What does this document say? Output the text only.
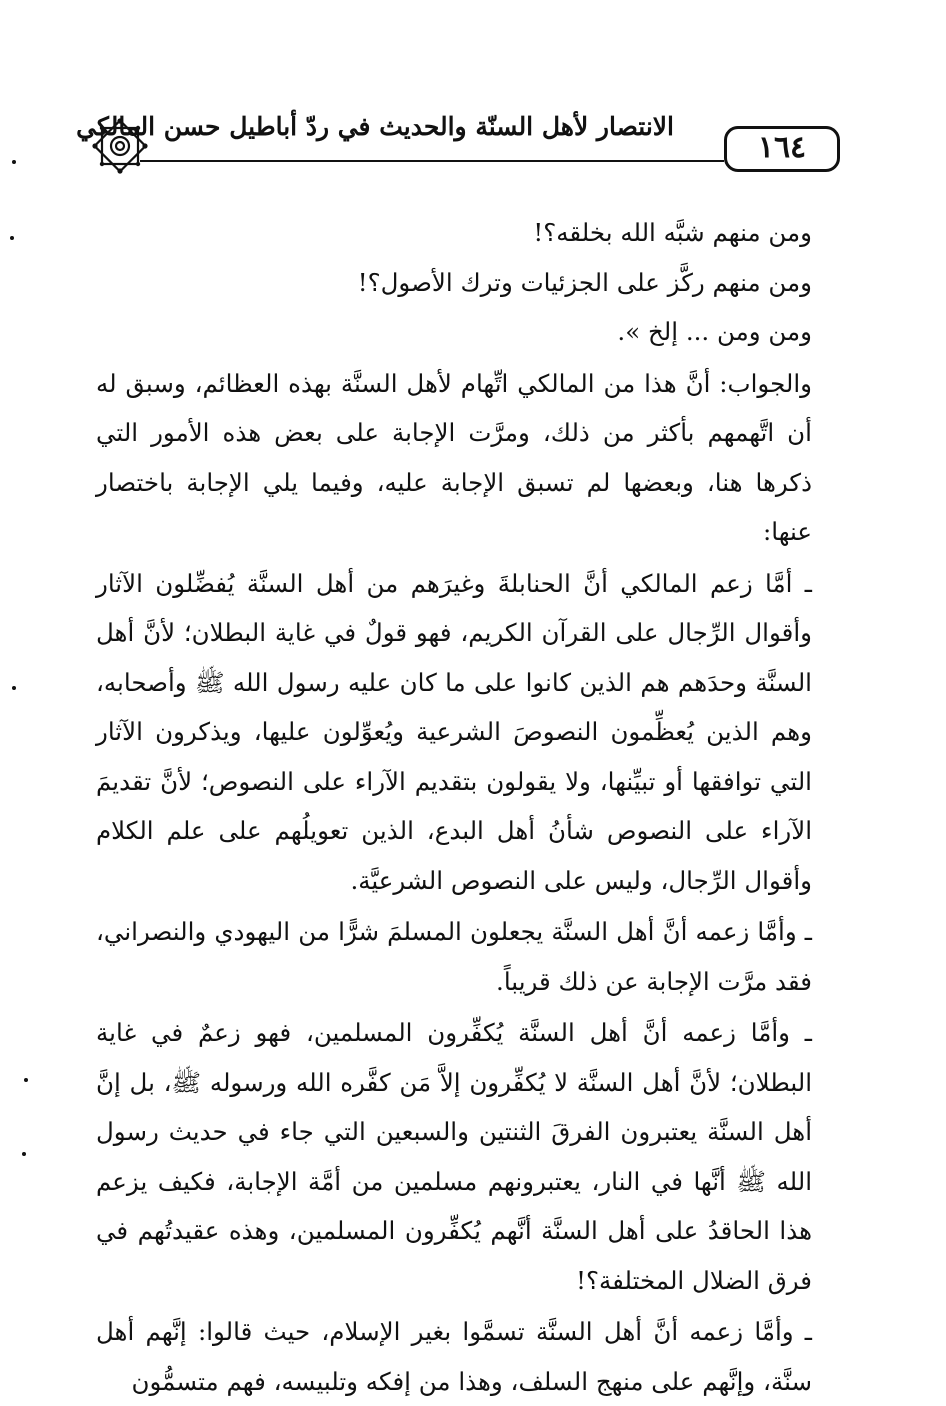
الانتصار لأهل السنّة والحديث في ردّ أباطيل حسن المالكي
١٦٤

ومن منهم شبَّه الله بخلقه؟!

ومن منهم ركَّز على الجزئيات وترك الأصول؟!

ومن ومن ... إلخ ».

والجواب: أنَّ هذا من المالكي اتِّهام لأهل السنَّة بهذه العظائم، وسبق له أن اتَّهمهم بأكثر من ذلك، ومرَّت الإجابة على بعض هذه الأمور التي ذكرها هنا، وبعضها لم تسبق الإجابة عليه، وفيما يلي الإجابة باختصار عنها:

ـ أمَّا زعم المالكي أنَّ الحنابلةَ وغيرَهم من أهل السنَّة يُفضِّلون الآثار وأقوال الرِّجال على القرآن الكريم، فهو قولٌ في غاية البطلان؛ لأنَّ أهل السنَّة وحدَهم هم الذين كانوا على ما كان عليه رسول الله ﷺ وأصحابه، وهم الذين يُعظِّمون النصوصَ الشرعية ويُعوِّلون عليها، ويذكرون الآثار التي توافقها أو تبيِّنها، ولا يقولون بتقديم الآراء على النصوص؛ لأنَّ تقديمَ الآراء على النصوص شأنُ أهل البدع، الذين تعويلُهم على علم الكلام وأقوال الرِّجال، وليس على النصوص الشرعيَّة.

ـ وأمَّا زعمه أنَّ أهل السنَّة يجعلون المسلمَ شرًّا من اليهودي والنصراني، فقد مرَّت الإجابة عن ذلك قريباً.

ـ وأمَّا زعمه أنَّ أهل السنَّة يُكفِّرون المسلمين، فهو زعمٌ في غاية البطلان؛ لأنَّ أهل السنَّة لا يُكفِّرون إلاَّ مَن كفَّره الله ورسوله ﷺ، بل إنَّ أهل السنَّة يعتبرون الفرقَ الثنتين والسبعين التي جاء في حديث رسول الله ﷺ أنَّها في النار، يعتبرونهم مسلمين من أمَّة الإجابة، فكيف يزعم هذا الحاقدُ على أهل السنَّة أنَّهم يُكفِّرون المسلمين، وهذه عقيدتُهم في فرق الضلال المختلفة؟!

ـ وأمَّا زعمه أنَّ أهل السنَّة تسمَّوا بغير الإسلام، حيث قالوا: إنَّهم أهل سنَّة، وإنَّهم على منهج السلف، وهذا من إفكه وتلبيسه، فهم متسمُّون
